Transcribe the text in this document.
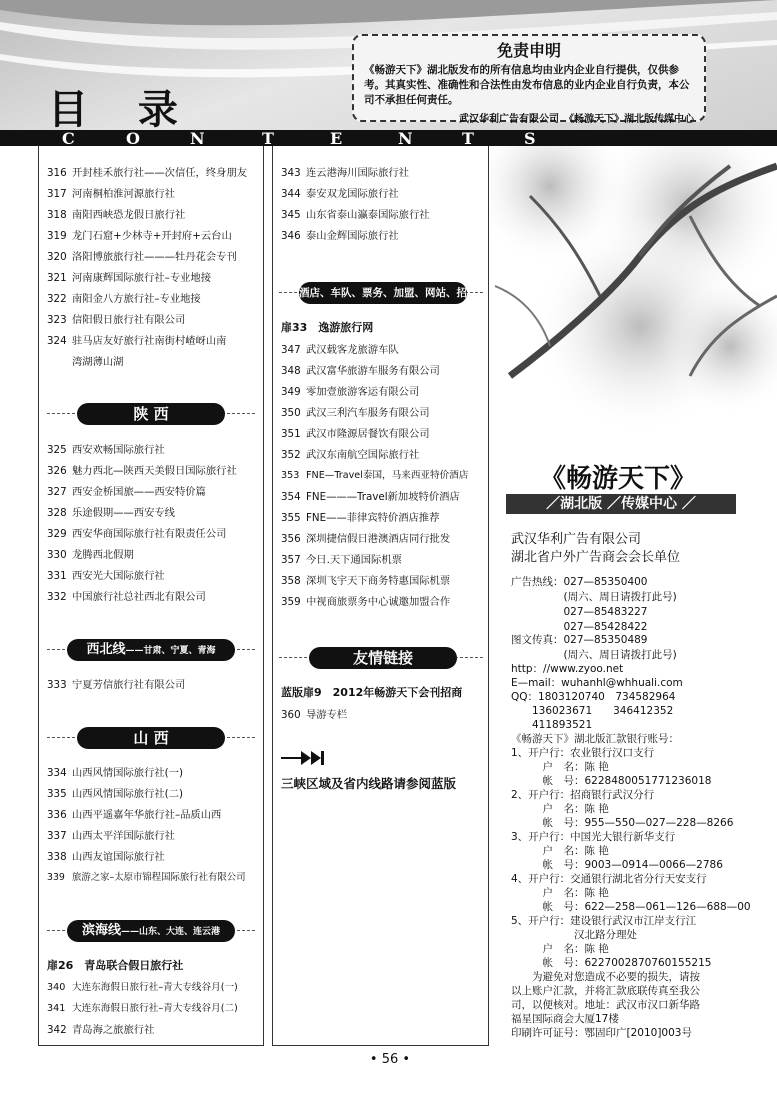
目 录
免责申明
《畅游天下》湖北版发布的所有信息均由业内企业自行提供，仅供参考。其真实性、准确性和合法性由发布信息的业内企业自行负责，本公司不承担任何责任。
武汉华利广告有限公司　《畅游天下》湖北版传媒中心
C	O	N	T	E	N	T	S
316 开封桂禾旅行社——次信任，终身朋友
317 河南桐柏淮河源旅行社
318 南阳西峡恐龙假日旅行社
319 龙门石窟+少林寺+开封府+云台山
320 洛阳博旅旅行社———牡丹花会专刊
321 河南康辉国际旅行社–专业地接
322 南阳金八方旅行社–专业地接
323 信阳假日旅行社有限公司
324 驻马店友好旅行社南街村嵖岈山南
湾湖薄山湖
陕 西
325 西安欢畅国际旅行社
326 魅力西北—陕西天美假日国际旅行社
327 西安金桥国旅——西安特价篇
328 乐途假期——西安专线
329 西安华商国际旅行社有限责任公司
330 龙腾西北假期
331 西安光大国际旅行社
332 中国旅行社总社西北有限公司
西北线——甘肃、宁夏、青海
333 宁夏芳信旅行社有限公司
山 西
334 山西风情国际旅行社(一)
335 山西风情国际旅行社(二)
336 山西平遥嘉年华旅行社–品质山西
337 山西太平洋国际旅行社
338 山西友谊国际旅行社
339 旅游之家–太原市锦程国际旅行社有限公司
滨海线——山东、大连、连云港
扉26　青岛联合假日旅行社
340 大连东海假日旅行社–青大专线谷月(一)
341 大连东海假日旅行社–青大专线谷月(二)
342 青岛海之旅旅行社
343 连云港海川国际旅行社
344 泰安双龙国际旅行社
345 山东省泰山瀛泰国际旅行社
346 泰山金辉国际旅行社
酒店、车队、票务、加盟、网站、招聘
扉33　逸游旅行网
347 武汉载客龙旅游车队
348 武汉富华旅游车服务有限公司
349 零加壹旅游客运有限公司
350 武汉三利汽车服务有限公司
351 武汉市隆源居餐饮有限公司
352 武汉东南航空国际旅行社
353 FNE—Travel泰国，马来西亚特价酒店
354 FNE———Travel新加坡特价酒店
355 FNE——菲律宾特价酒店推荐
356 深圳捷信假日港澳酒店同行批发
357 今日.天下通国际机票
358 深圳飞宇天下商务特惠国际机票
359 中视商旅票务中心诚邀加盟合作
友情链接
蓝版扉9　2012年畅游天下会刊招商
360 导游专栏
三峡区域及省内线路请参阅蓝版
《畅游天下》
／湖北版 ／传媒中心 ／
武汉华利广告有限公司
湖北省户外广告商会会长单位
广告热线：027—85350400
　　　　　(周六、周日请拨打此号)
　　　　　027—85483227
　　　　　027—85428422
图文传真：027—85350489
　　　　　(周六、周日请拨打此号)
http：//www.zyoo.net
E—mail：wuhanhl@whhuali.com
QQ：1803120740　734582964
　　136023671　　346412352
　　411893521
《畅游天下》湖北版汇款银行账号：
1、开户行：农业银行汉口支行
　　　户　名：陈 艳
　　　帐　号：6228480051771236018
2、开户行：招商银行武汉分行
　　　户　名：陈 艳
　　　帐　号：955—550—027—228—8266
3、开户行：中国光大银行新华支行
　　　户　名：陈 艳
　　　帐　号：9003—0914—0066—2786
4、开户行：交通银行湖北省分行天安支行
　　　户　名：陈 艳
　　　帐　号：622—258—061—126—688—00
5、开户行：建设银行武汉市江岸支行江
　　　　　　汉北路分理处
　　　户　名：陈 艳
　　　帐　号：6227002870760155215
　　为避免对您造成不必要的损失，请按
以上账户汇款，并将汇款底联传真至我公
司，以便核对。地址：武汉市汉口新华路
福星国际商会大厦17楼
印刷许可证号：鄂固印广[2010]003号
• 56 •
